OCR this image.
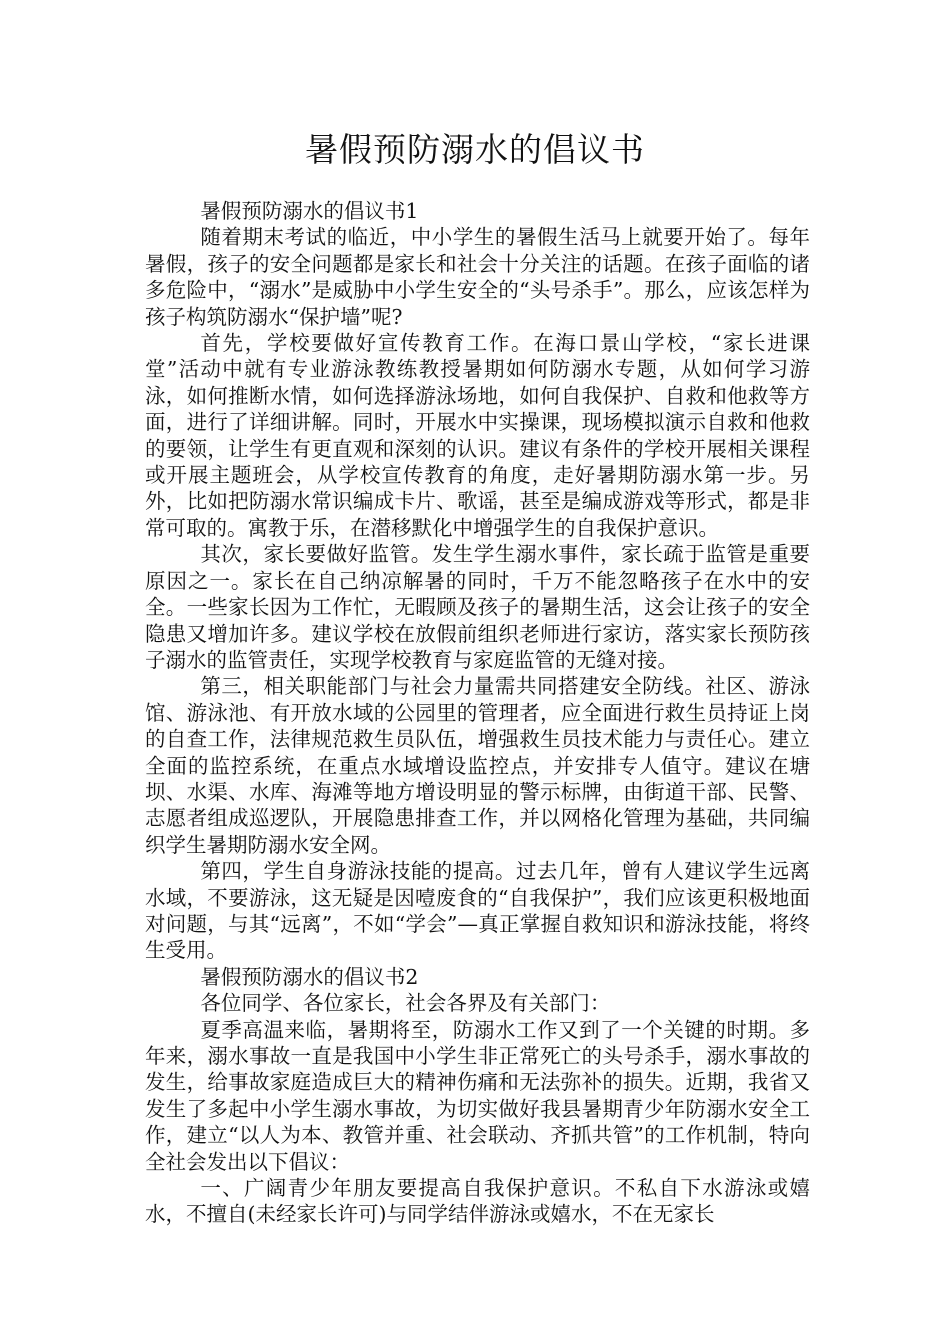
暑假预防溺水的倡议书

暑假预防溺水的倡议书1

随着期末考试的临近，中小学生的暑假生活马上就要开始了。每年暑假，孩子的安全问题都是家长和社会十分关注的话题。在孩子面临的诸多危险中，“溺水”是威胁中小学生安全的“头号杀手”。那么，应该怎样为孩子构筑防溺水“保护墙”呢?

首先，学校要做好宣传教育工作。在海口景山学校，“家长进课堂”活动中就有专业游泳教练教授暑期如何防溺水专题，从如何学习游泳，如何推断水情，如何选择游泳场地，如何自我保护、自救和他救等方面，进行了详细讲解。同时，开展水中实操课，现场模拟演示自救和他救的要领，让学生有更直观和深刻的认识。建议有条件的学校开展相关课程或开展主题班会，从学校宣传教育的角度，走好暑期防溺水第一步。另外，比如把防溺水常识编成卡片、歌谣，甚至是编成游戏等形式，都是非常可取的。寓教于乐，在潜移默化中增强学生的自我保护意识。

其次，家长要做好监管。发生学生溺水事件，家长疏于监管是重要原因之一。家长在自己纳凉解暑的同时，千万不能忽略孩子在水中的安全。一些家长因为工作忙，无暇顾及孩子的暑期生活，这会让孩子的安全隐患又增加许多。建议学校在放假前组织老师进行家访，落实家长预防孩子溺水的监管责任，实现学校教育与家庭监管的无缝对接。

第三，相关职能部门与社会力量需共同搭建安全防线。社区、游泳馆、游泳池、有开放水域的公园里的管理者，应全面进行救生员持证上岗的自查工作，法律规范救生员队伍，增强救生员技术能力与责任心。建立全面的监控系统，在重点水域增设监控点，并安排专人值守。建议在塘坝、水渠、水库、海滩等地方增设明显的警示标牌，由街道干部、民警、志愿者组成巡逻队，开展隐患排查工作，并以网格化管理为基础，共同编织学生暑期防溺水安全网。

第四，学生自身游泳技能的提高。过去几年，曾有人建议学生远离水域，不要游泳，这无疑是因噎废食的“自我保护”，我们应该更积极地面对问题，与其“远离”，不如“学会”—真正掌握自救知识和游泳技能，将终生受用。

暑假预防溺水的倡议书2

各位同学、各位家长，社会各界及有关部门：

夏季高温来临，暑期将至，防溺水工作又到了一个关键的时期。多年来，溺水事故一直是我国中小学生非正常死亡的头号杀手，溺水事故的发生，给事故家庭造成巨大的精神伤痛和无法弥补的损失。近期，我省又发生了多起中小学生溺水事故，为切实做好我县暑期青少年防溺水安全工作，建立“以人为本、教管并重、社会联动、齐抓共管”的工作机制，特向全社会发出以下倡议：

一、广阔青少年朋友要提高自我保护意识。不私自下水游泳或嬉水，不擅自(未经家长许可)与同学结伴游泳或嬉水，不在无家长
